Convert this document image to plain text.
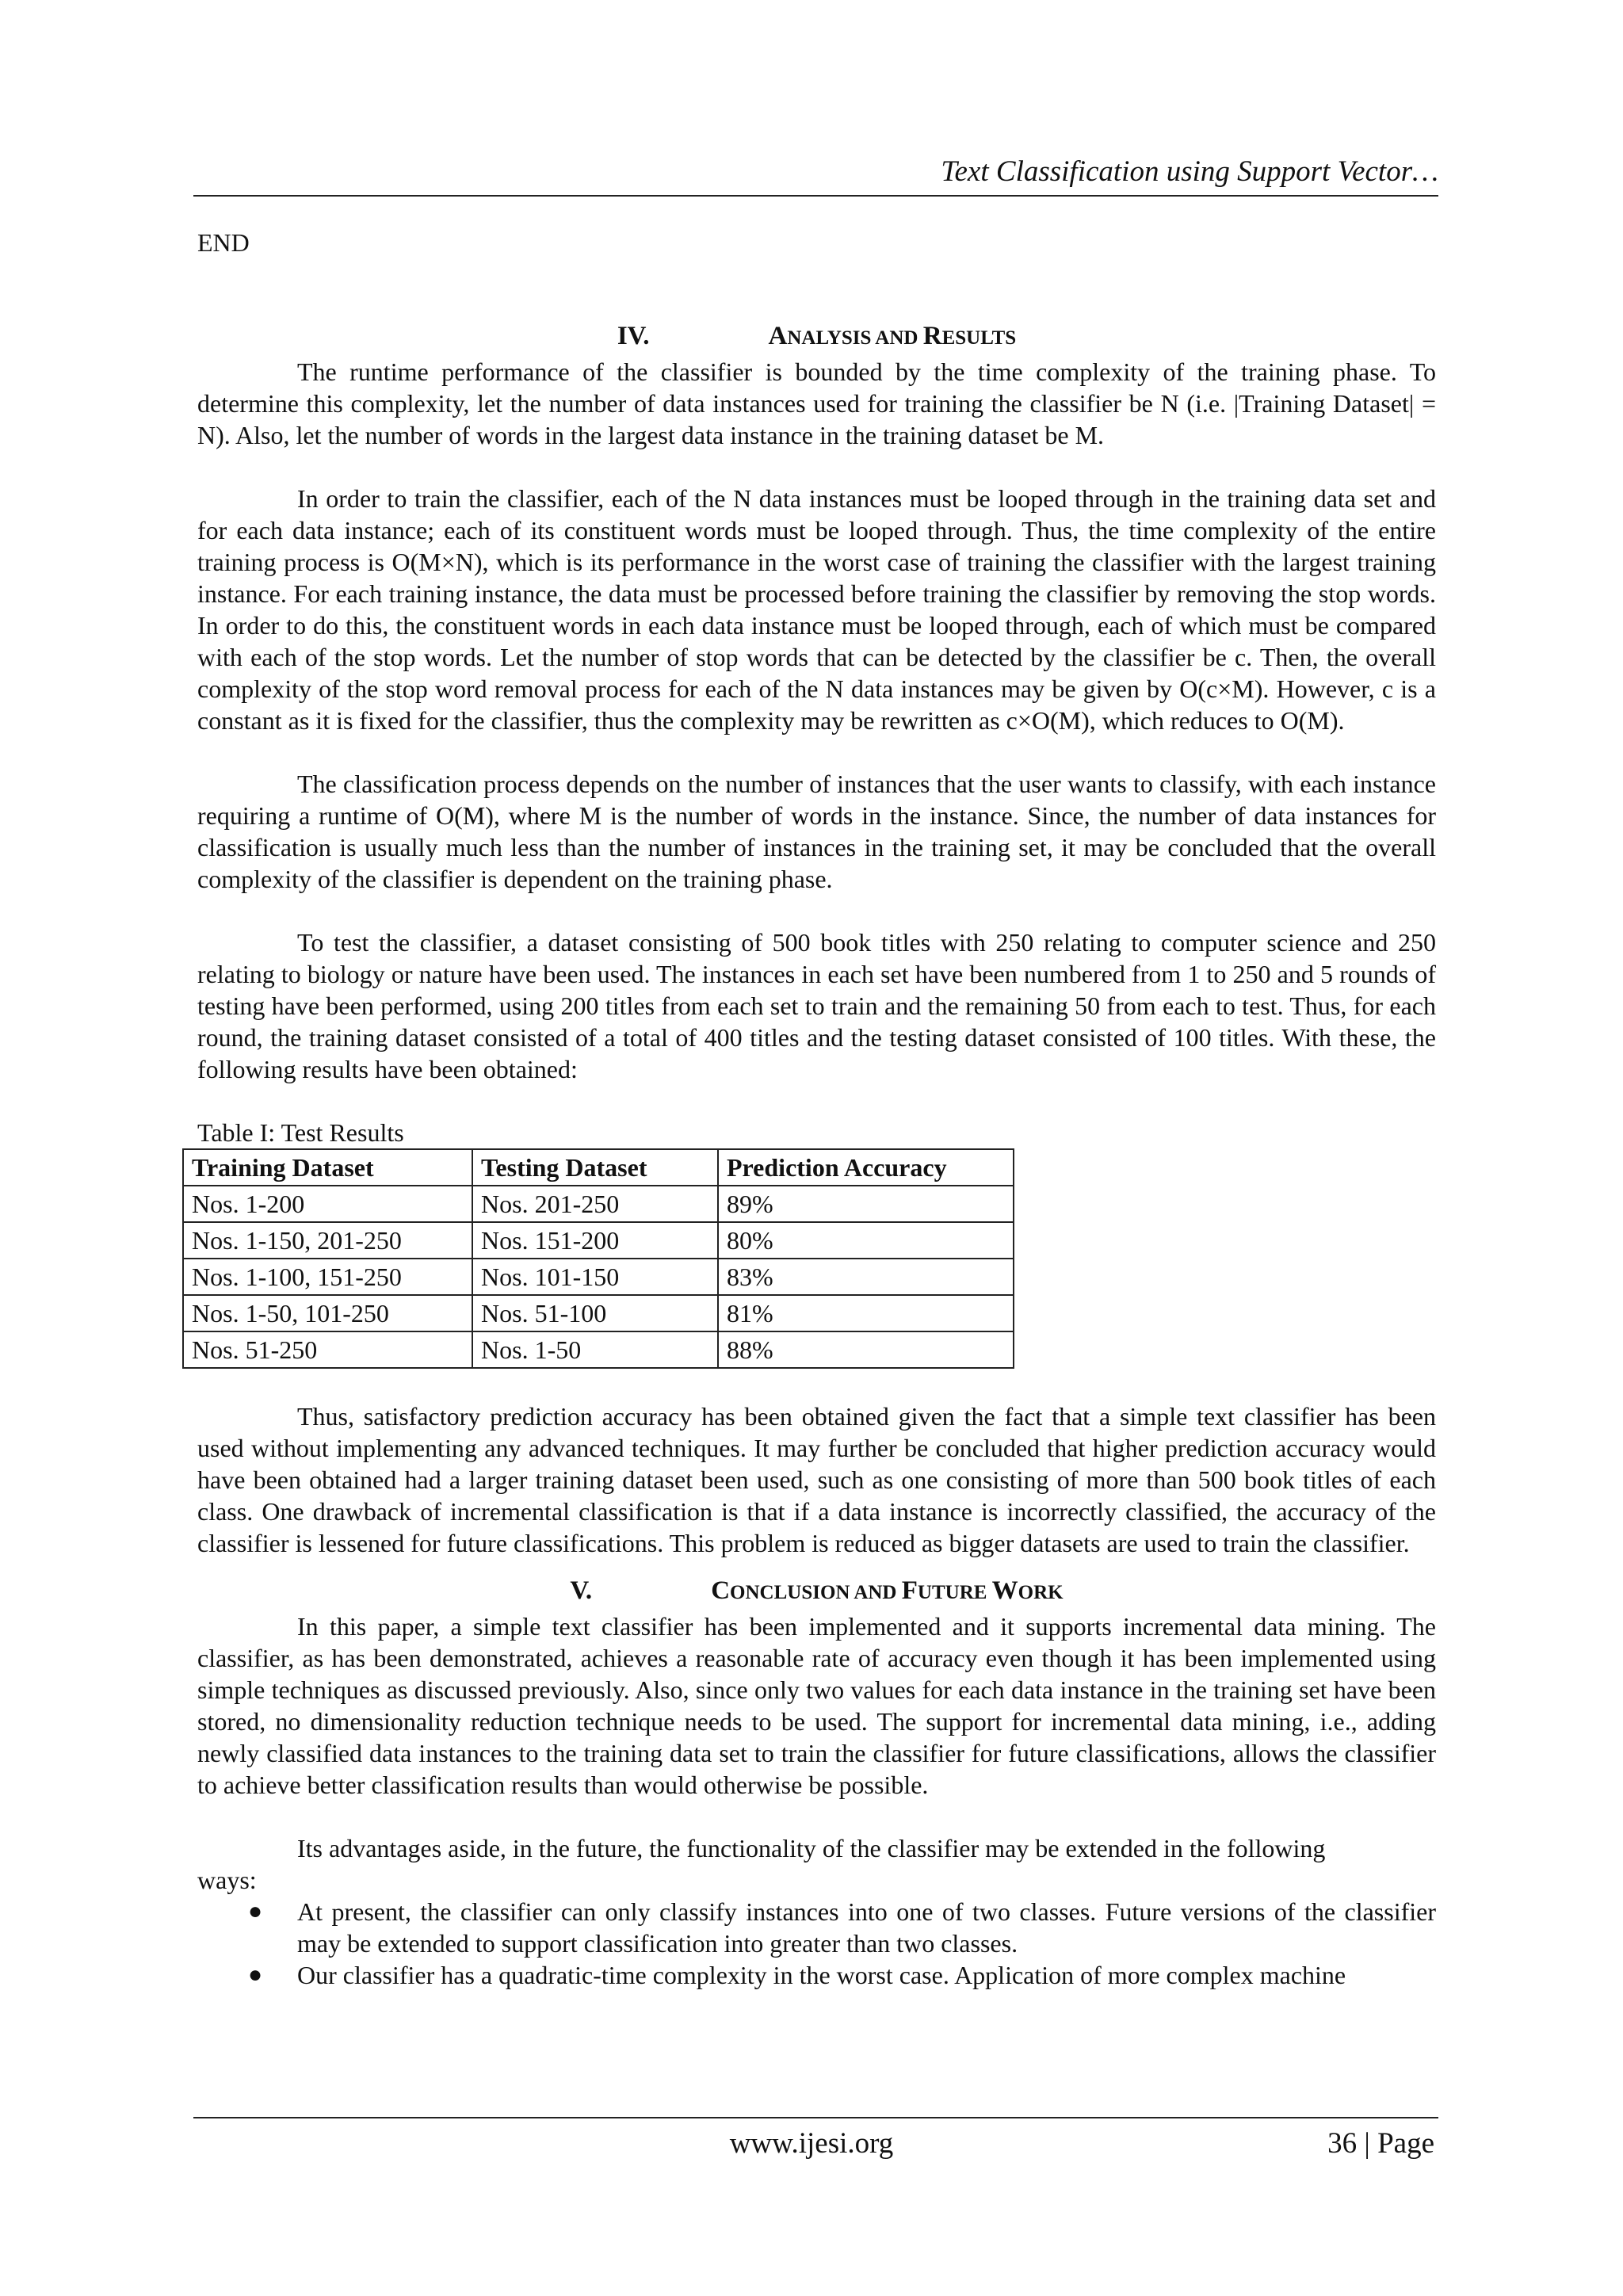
Text Classification using Support Vector…
END
IV.	ANALYSIS AND RESULTS

The runtime performance of the classifier is bounded by the time complexity of the training phase. To determine this complexity, let the number of data instances used for training the classifier be N (i.e. |Training Dataset| = N). Also, let the number of words in the largest data instance in the training dataset be M.

In order to train the classifier, each of the N data instances must be looped through in the training data set and for each data instance; each of its constituent words must be looped through. Thus, the time complexity of the entire training process is O(M×N), which is its performance in the worst case of training the classifier with the largest training instance. For each training instance, the data must be processed before training the classifier by removing the stop words. In order to do this, the constituent words in each data instance must be looped through, each of which must be compared with each of the stop words. Let the number of stop words that can be detected by the classifier be c. Then, the overall complexity of the stop word removal process for each of the N data instances may be given by O(c×M). However, c is a constant as it is fixed for the classifier, thus the complexity may be rewritten as c×O(M), which reduces to O(M).

The classification process depends on the number of instances that the user wants to classify, with each instance requiring a runtime of O(M), where M is the number of words in the instance. Since, the number of data instances for classification is usually much less than the number of instances in the training set, it may be concluded that the overall complexity of the classifier is dependent on the training phase.

To test the classifier, a dataset consisting of 500 book titles with 250 relating to computer science and 250 relating to biology or nature have been used. The instances in each set have been numbered from 1 to 250 and 5 rounds of testing have been performed, using 200 titles from each set to train and the remaining 50 from each to test. Thus, for each round, the training dataset consisted of a total of 400 titles and the testing dataset consisted of 100 titles. With these, the following results have been obtained:

Table I: Test Results
Training Dataset	Testing Dataset	Prediction Accuracy
Nos. 1-200	Nos. 201-250	89%
Nos. 1-150, 201-250	Nos. 151-200	80%
Nos. 1-100, 151-250	Nos. 101-150	83%
Nos. 1-50, 101-250	Nos. 51-100	81%
Nos. 51-250	Nos. 1-50	88%

Thus, satisfactory prediction accuracy has been obtained given the fact that a simple text classifier has been used without implementing any advanced techniques. It may further be concluded that higher prediction accuracy would have been obtained had a larger training dataset been used, such as one consisting of more than 500 book titles of each class. One drawback of incremental classification is that if a data instance is incorrectly classified, the accuracy of the classifier is lessened for future classifications. This problem is reduced as bigger datasets are used to train the classifier.

V.	CONCLUSION AND FUTURE WORK

In this paper, a simple text classifier has been implemented and it supports incremental data mining. The classifier, as has been demonstrated, achieves a reasonable rate of accuracy even though it has been implemented using simple techniques as discussed previously. Also, since only two values for each data instance in the training set have been stored, no dimensionality reduction technique needs to be used. The support for incremental data mining, i.e., adding newly classified data instances to the training data set to train the classifier for future classifications, allows the classifier to achieve better classification results than would otherwise be possible.

Its advantages aside, in the future, the functionality of the classifier may be extended in the following

ways:

● At present, the classifier can only classify instances into one of two classes. Future versions of the classifier may be extended to support classification into greater than two classes.
● Our classifier has a quadratic-time complexity in the worst case. Application of more complex machine
www.ijesi.org	36 | Page
